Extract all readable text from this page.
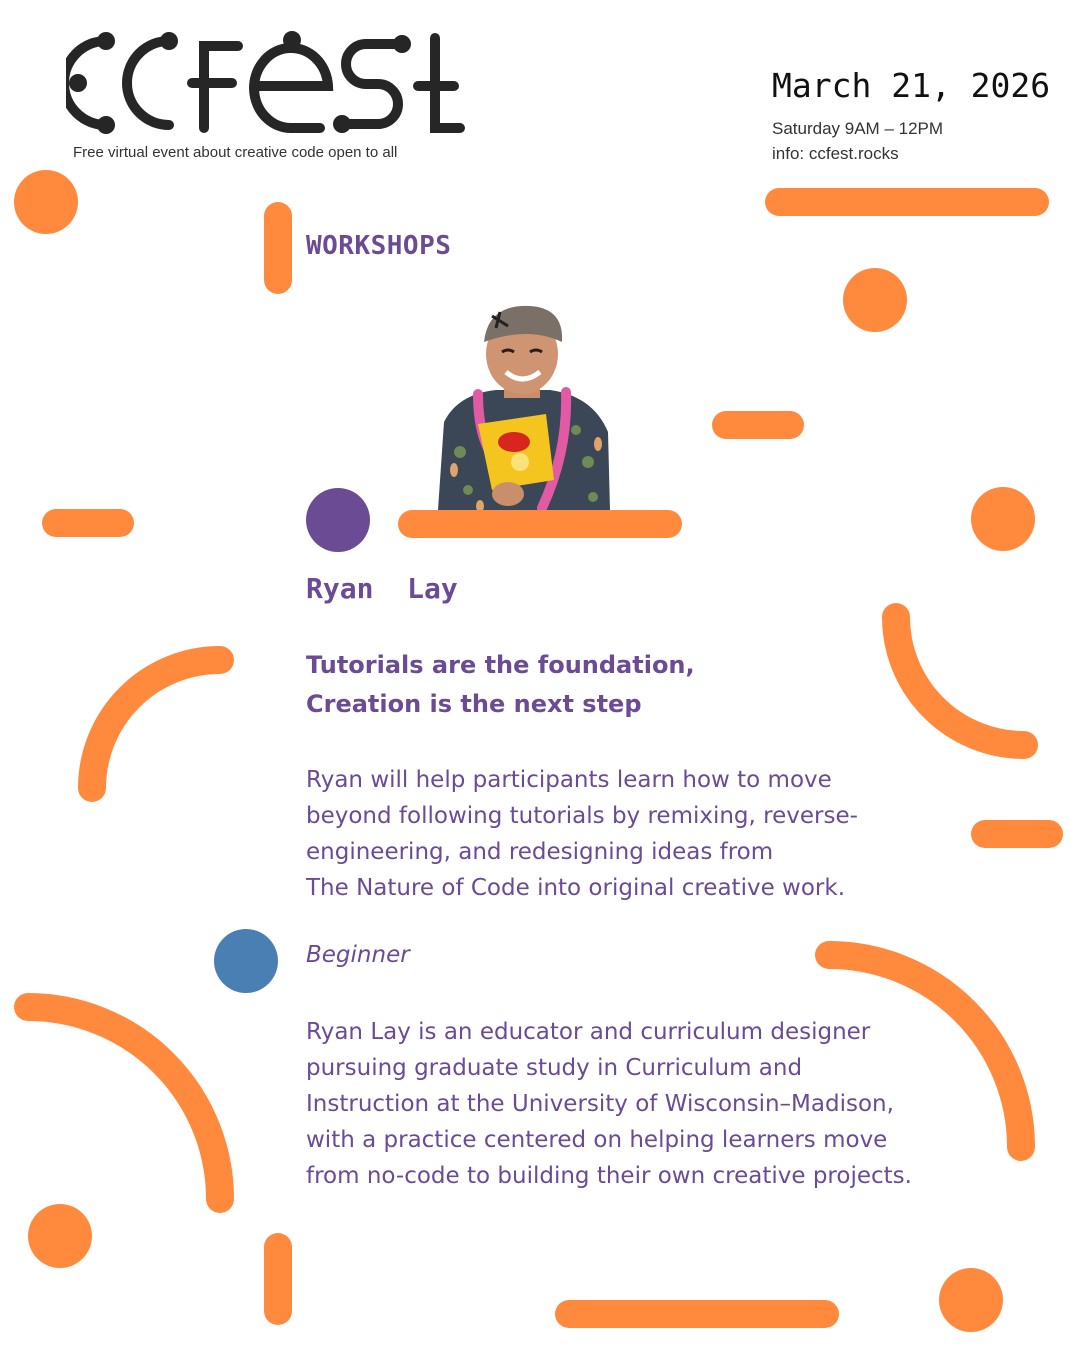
ccfest
Free virtual event about creative code open to all
March 21, 2026
Saturday 9AM – 12PM
info: ccfest.rocks
WORKSHOPS
Ryan  Lay
Tutorials are the foundation,
Creation is the next step
Ryan will help participants learn how to move
beyond following tutorials by remixing, reverse-
engineering, and redesigning ideas from
The Nature of Code into original creative work.
Beginner
Ryan Lay is an educator and curriculum designer
pursuing graduate study in Curriculum and
Instruction at the University of Wisconsin–Madison,
with a practice centered on helping learners move
from no-code to building their own creative projects.
